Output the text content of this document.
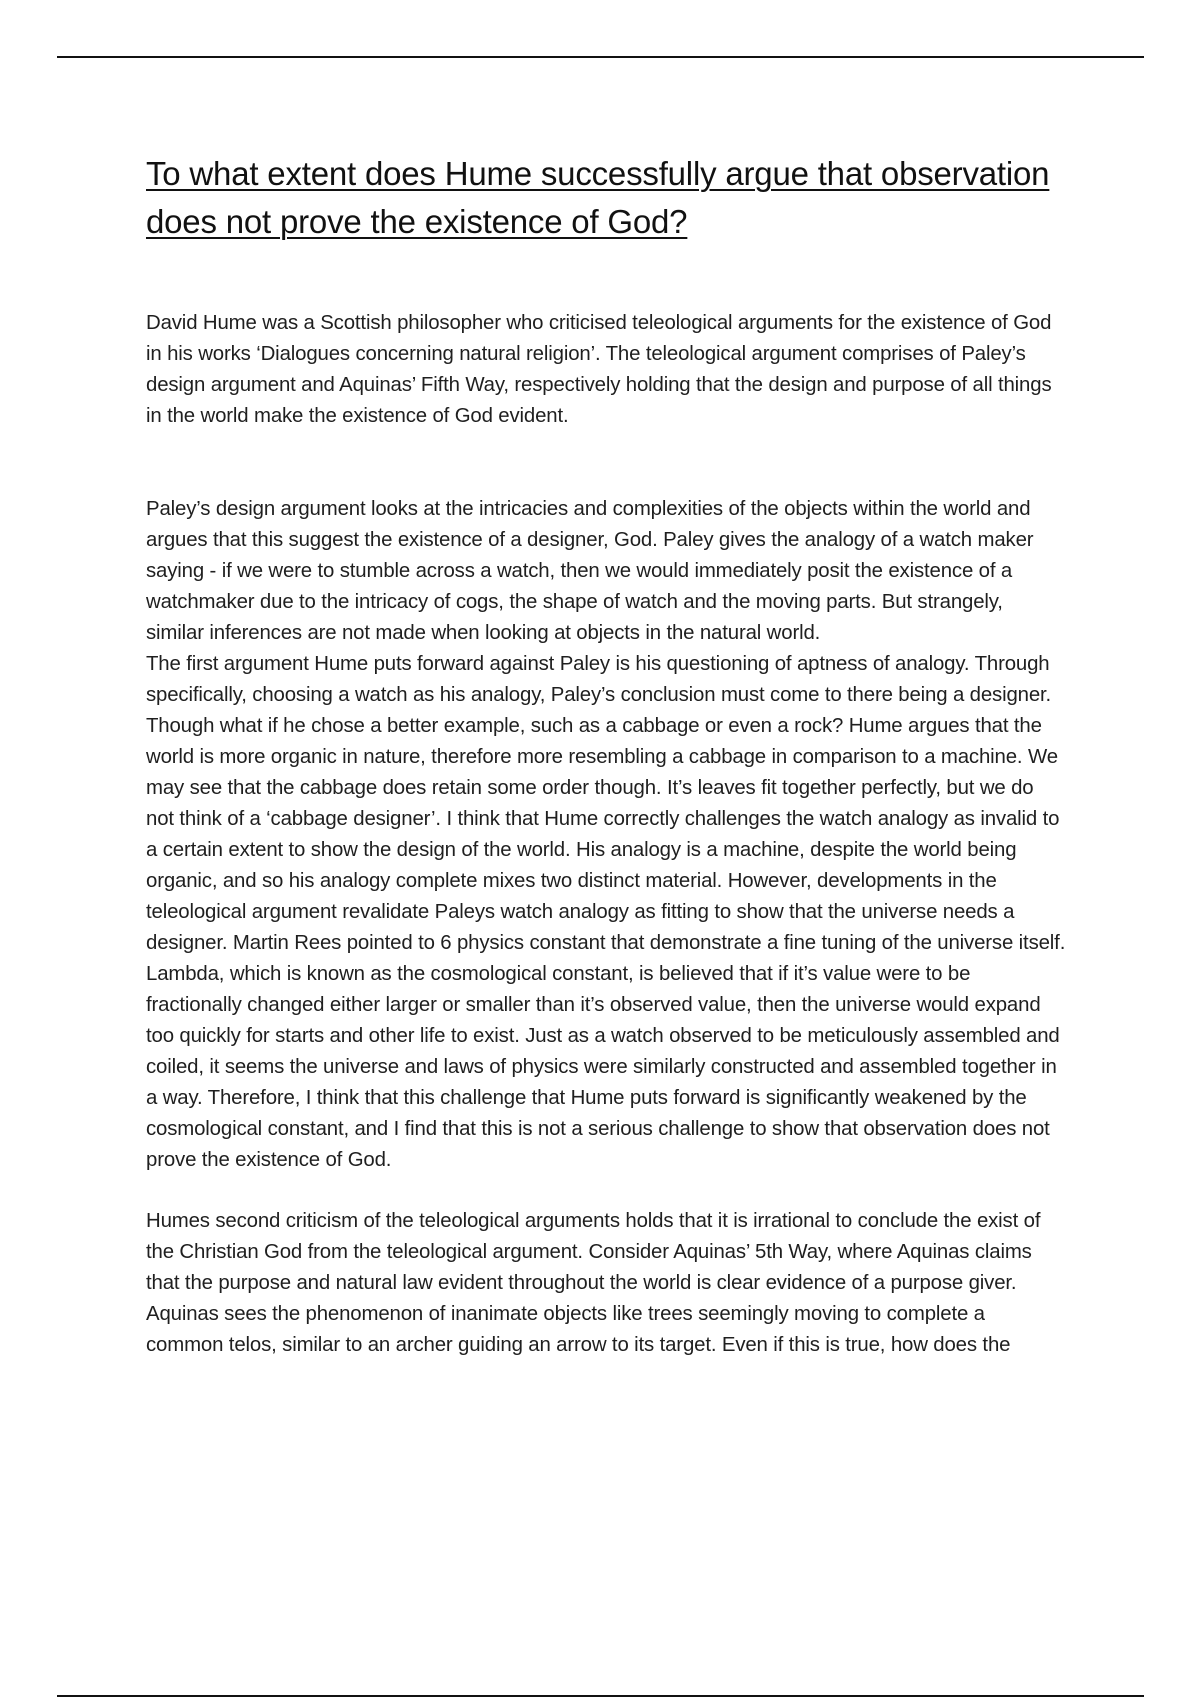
To what extent does Hume successfully argue that observation does not prove the existence of God?

David Hume was a Scottish philosopher who criticised teleological arguments for the existence of God in his works ‘Dialogues concerning natural religion’. The teleological argument comprises of Paley’s design argument and Aquinas’ Fifth Way, respectively holding that the design and purpose of all things in the world make the existence of God evident.

Paley’s design argument looks at the intricacies and complexities of the objects within the world and argues that this suggest the existence of a designer, God. Paley gives the analogy of a watch maker saying - if we were to stumble across a watch, then we would immediately posit the existence of a watchmaker due to the intricacy of cogs, the shape of watch and the moving parts. But strangely, similar inferences are not made when looking at objects in the natural world.

The first argument Hume puts forward against Paley is his questioning of aptness of analogy. Through specifically, choosing a watch as his analogy, Paley’s conclusion must come to there being a designer. Though what if he chose a better example, such as a cabbage or even a rock? Hume argues that the world is more organic in nature, therefore more resembling a cabbage in comparison to a machine. We may see that the cabbage does retain some order though. It’s leaves fit together perfectly, but we do not think of a ‘cabbage designer’. I think that Hume correctly challenges the watch analogy as invalid to a certain extent to show the design of the world. His analogy is a machine, despite the world being organic, and so his analogy complete mixes two distinct material. However, developments in the teleological argument revalidate Paleys watch analogy as fitting to show that the universe needs a designer. Martin Rees pointed to 6 physics constant that demonstrate a fine tuning of the universe itself. Lambda, which is known as the cosmological constant, is believed that if it’s value were to be fractionally changed either larger or smaller than it’s observed value, then the universe would expand too quickly for starts and other life to exist. Just as a watch observed to be meticulously assembled and coiled, it seems the universe and laws of physics were similarly constructed and assembled together in a way. Therefore, I think that this challenge that Hume puts forward is significantly weakened by the cosmological constant, and I find that this is not a serious challenge to show that observation does not prove the existence of God.

Humes second criticism of the teleological arguments holds that it is irrational to conclude the exist of the Christian God from the teleological argument. Consider Aquinas’ 5th Way, where Aquinas claims that the purpose and natural law evident throughout the world is clear evidence of a purpose giver. Aquinas sees the phenomenon of inanimate objects like trees seemingly moving to complete a common telos, similar to an archer guiding an arrow to its target. Even if this is true, how does the
